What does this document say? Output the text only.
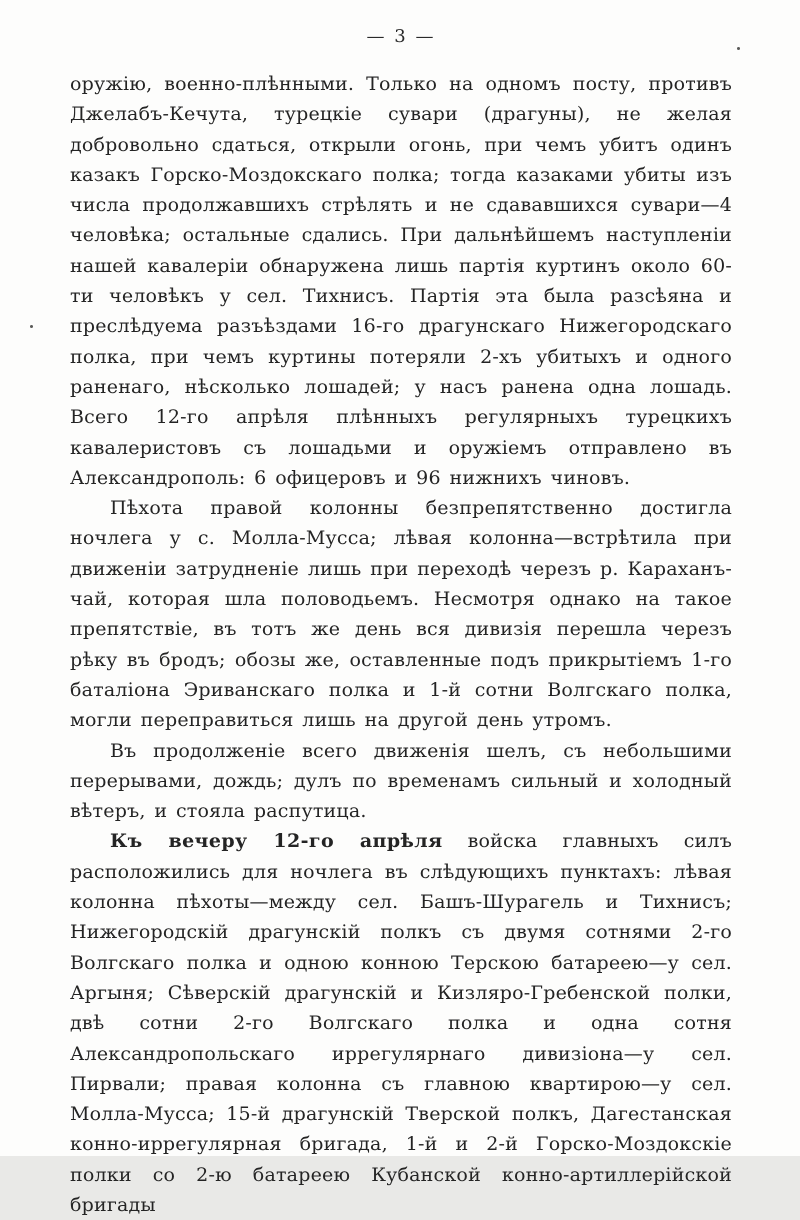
— 3 —

оружію, военно-плѣнными. Только на одномъ посту, противъ Джелабъ-Кечута, турецкіе сувари (драгуны), не желая добровольно сдаться, открыли огонь, при чемъ убитъ одинъ казакъ Горско-Моздокскаго полка; тогда казаками убиты изъ числа продолжавшихъ стрѣлять и не сдававшихся сувари—4 человѣка; остальные сдались. При дальнѣйшемъ наступленіи нашей кавалеріи обнаружена лишь партія куртинъ около 60-ти человѣкъ у сел. Тихнисъ. Партія эта была разсѣяна и преслѣдуема разъѣздами 16-го драгунскаго Нижегородскаго полка, при чемъ куртины потеряли 2-хъ убитыхъ и одного раненаго, нѣсколько лошадей; у насъ ранена одна лошадь. Всего 12-го апрѣля плѣнныхъ регулярныхъ турецкихъ кавалеристовъ съ лошадьми и оружіемъ отправлено въ Александрополь: 6 офицеровъ и 96 нижнихъ чиновъ.

Пѣхота правой колонны безпрепятственно достигла ночлега у с. Молла-Мусса; лѣвая колонна—встрѣтила при движеніи затрудненіе лишь при переходѣ черезъ р. Караханъ-чай, которая шла половодьемъ. Несмотря однако на такое препятствіе, въ тотъ же день вся дивизія перешла черезъ рѣку въ бродъ; обозы же, оставленные подъ прикрытіемъ 1-го баталіона Эриванскаго полка и 1-й сотни Волгскаго полка, могли переправиться лишь на другой день утромъ.

Въ продолженіе всего движенія шелъ, съ небольшими перерывами, дождь; дулъ по временамъ сильный и холодный вѣтеръ, и стояла распутица.

Къ вечеру 12-го апрѣля войска главныхъ силъ расположились для ночлега въ слѣдующихъ пунктахъ: лѣвая колонна пѣхоты—между сел. Башъ-Шурагель и Тихнисъ; Нижегородскій драгунскій полкъ съ двумя сотнями 2-го Волгскаго полка и одною конною Терскою батареею—у сел. Аргыня; Сѣверскій драгунскій и Кизляро-Гребенской полки, двѣ сотни 2-го Волгскаго полка и одна сотня Александропольскаго иррегулярнаго дивизіона—у сел. Пирвали; правая колонна съ главною квартирою—у сел. Молла-Мусса; 15-й драгунскій Тверской полкъ, Дагестанская конно-иррегулярная бригада, 1-й и 2-й Горско-Моздокскіе полки со 2-ю батареею Кубанской конно-артиллерійской бригады
